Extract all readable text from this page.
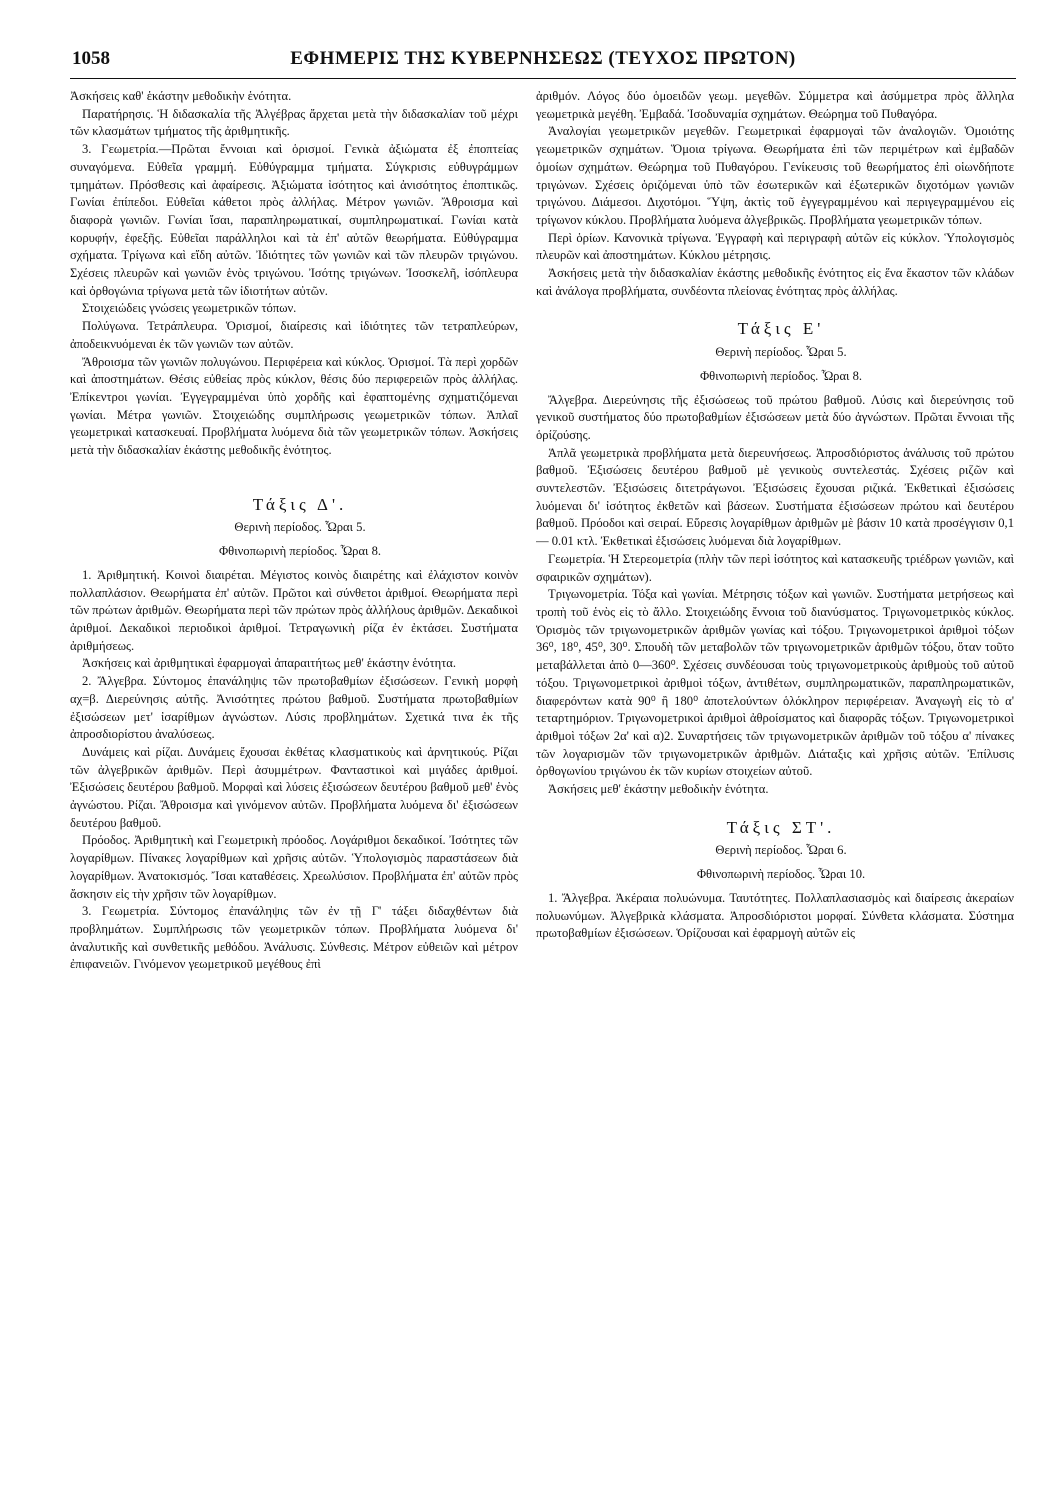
1058	ΕΦΗΜΕΡΙΣ ΤΗΣ ΚΥΒΕΡΝΗΣΕΩΣ (ΤΕΥΧΟΣ ΠΡΩΤΟΝ)

Ἀσκήσεις καθ' ἑκάστην μεθοδικὴν ἑνότητα.

Παρατήρησις. Ἡ διδασκαλία τῆς Ἀλγέβρας ἄρχεται μετὰ τὴν διδασκαλίαν τοῦ μέχρι τῶν κλασμάτων τμήματος τῆς ἀριθμητικῆς.

3. Γεωμετρία.—Πρῶται ἔννοιαι καὶ ὁρισμοί. Γενικὰ ἀξιώματα ἐξ ἐποπτείας συναγόμενα. Εὐθεῖα γραμμή. Εὐθύγραμμα τμήματα. Σύγκρισις εὐθυγράμμων τμημάτων. Πρόσθεσις καὶ ἀφαίρεσις. Ἀξιώματα ἰσότητος καὶ ἀνισότητος ἐποπτικῶς. Γωνίαι ἐπίπεδοι. Εὐθεῖαι κάθετοι πρὸς ἀλλήλας. Μέτρον γωνιῶν. Ἄθροισμα καὶ διαφορὰ γωνιῶν. Γωνίαι ἴσαι, παραπληρωματικαί, συμπληρωματικαί. Γωνίαι κατὰ κορυφήν, ἐφεξῆς. Εὐθεῖαι παράλληλοι καὶ τὰ ἐπ' αὐτῶν θεωρήματα. Εὐθύγραμμα σχήματα. Τρίγωνα καὶ εἴδη αὐτῶν. Ἰδιότητες τῶν γωνιῶν καὶ τῶν πλευρῶν τριγώνου. Σχέσεις πλευρῶν καὶ γωνιῶν ἑνὸς τριγώνου. Ἰσότης τριγώνων. Ἰσοσκελῆ, ἰσόπλευρα καὶ ὀρθογώνια τρίγωνα μετὰ τῶν ἰδιοτήτων αὐτῶν.

Στοιχειώδεις γνώσεις γεωμετρικῶν τόπων.

Πολύγωνα. Τετράπλευρα. Ὁρισμοί, διαίρεσις καὶ ἰδιότητες τῶν τετραπλεύρων, ἀποδεικνυόμεναι ἐκ τῶν γωνιῶν των αὐτῶν.

Ἄθροισμα τῶν γωνιῶν πολυγώνου. Περιφέρεια καὶ κύκλος. Ὁρισμοί. Τὰ περὶ χορδῶν καὶ ἀποστημάτων. Θέσις εὐθείας πρὸς κύκλον, θέσις δύο περιφερειῶν πρὸς ἀλλήλας. Ἐπίκεντροι γωνίαι. Ἐγγεγραμμέναι ὑπὸ χορδῆς καὶ ἐφαπτομένης σχηματιζόμεναι γωνίαι. Μέτρα γωνιῶν. Στοιχειώδης συμπλήρωσις γεωμετρικῶν τόπων. Ἁπλαῖ γεωμετρικαὶ κατασκευαί. Προβλήματα λυόμενα διὰ τῶν γεωμετρικῶν τόπων. Ἀσκήσεις μετὰ τὴν διδασκαλίαν ἑκάστης μεθοδικῆς ἑνότητος.

Τάξις Δ'.

Θερινὴ περίοδος. Ὧραι 5.

Φθινοπωρινὴ περίοδος. Ὧραι 8.

1. Ἀριθμητική. Κοινοὶ διαιρέται. Μέγιστος κοινὸς διαιρέτης καὶ ἐλάχιστον κοινὸν πολλαπλάσιον. Θεωρήματα ἐπ' αὐτῶν. Πρῶτοι καὶ σύνθετοι ἀριθμοί. Θεωρήματα περὶ τῶν πρώτων ἀριθμῶν. Θεωρήματα περὶ τῶν πρώτων πρὸς ἀλλήλους ἀριθμῶν. Δεκαδικοὶ ἀριθμοί. Δεκαδικοὶ περιοδικοὶ ἀριθμοί. Τετραγωνικὴ ρίζα ἐν ἐκτάσει. Συστήματα ἀριθμήσεως.

Ἀσκήσεις καὶ ἀριθμητικαὶ ἐφαρμογαὶ ἀπαραιτήτως μεθ' ἑκάστην ἑνότητα.

2. Ἄλγεβρα. Σύντομος ἐπανάληψις τῶν πρωτοβαθμίων ἐξισώσεων. Γενικὴ μορφὴ αχ=β. Διερεύνησις αὐτῆς. Ἀνισότητες πρώτου βαθμοῦ. Συστήματα πρωτοβαθμίων ἐξισώσεων μετ' ἰσαρίθμων ἀγνώστων. Λύσις προβλημάτων. Σχετικά τινα ἐκ τῆς ἀπροσδιορίστου ἀναλύσεως.

Δυνάμεις καὶ ρίζαι. Δυνάμεις ἔχουσαι ἐκθέτας κλασματικοὺς καὶ ἀρνητικούς. Ρίζαι τῶν ἀλγεβρικῶν ἀριθμῶν. Περὶ ἀσυμμέτρων. Φανταστικοὶ καὶ μιγάδες ἀριθμοί. Ἐξισώσεις δευτέρου βαθμοῦ. Μορφαὶ καὶ λύσεις ἐξισώσεων δευτέρου βαθμοῦ μεθ' ἑνὸς ἀγνώστου. Ρίζαι. Ἄθροισμα καὶ γινόμενον αὐτῶν. Προβλήματα λυόμενα δι' ἐξισώσεων δευτέρου βαθμοῦ.

Πρόοδος. Ἀριθμητικὴ καὶ Γεωμετρικὴ πρόοδος. Λογάριθμοι δεκαδικοί. Ἰσότητες τῶν λογαρίθμων. Πίνακες λογαρίθμων καὶ χρῆσις αὐτῶν. Ὑπολογισμὸς παραστάσεων διὰ λογαρίθμων. Ἀνατοκισμός. Ἴσαι καταθέσεις. Χρεωλύσιον. Προβλήματα ἐπ' αὐτῶν πρὸς ἄσκησιν εἰς τὴν χρῆσιν τῶν λογαρίθμων.

3. Γεωμετρία. Σύντομος ἐπανάληψις τῶν ἐν τῇ Γ' τάξει διδαχθέντων διὰ προβλημάτων. Συμπλήρωσις τῶν γεωμετρικῶν τόπων. Προβλήματα λυόμενα δι' ἀναλυτικῆς καὶ συνθετικῆς μεθόδου. Ἀνάλυσις. Σύνθεσις. Μέτρον εὐθειῶν καὶ μέτρον ἐπιφανειῶν. Γινόμενον γεωμετρικοῦ μεγέθους ἐπὶ

ἀριθμόν. Λόγος δύο ὁμοειδῶν γεωμ. μεγεθῶν. Σύμμετρα καὶ ἀσύμμετρα πρὸς ἄλληλα γεωμετρικὰ μεγέθη. Ἐμβαδά. Ἰσοδυναμία σχημάτων. Θεώρημα τοῦ Πυθαγόρα.

Ἀναλογίαι γεωμετρικῶν μεγεθῶν. Γεωμετρικαὶ ἐφαρμογαὶ τῶν ἀναλογιῶν. Ὁμοιότης γεωμετρικῶν σχημάτων. Ὅμοια τρίγωνα. Θεωρήματα ἐπὶ τῶν περιμέτρων καὶ ἐμβαδῶν ὁμοίων σχημάτων. Θεώρημα τοῦ Πυθαγόρου. Γενίκευσις τοῦ θεωρήματος ἐπὶ οἱωνδήποτε τριγώνων. Σχέσεις ὁριζόμεναι ὑπὸ τῶν ἐσωτερικῶν καὶ ἐξωτερικῶν διχοτόμων γωνιῶν τριγώνου. Διάμεσοι. Διχοτόμοι. Ὕψη, ἀκτὶς τοῦ ἐγγεγραμμένου καὶ περιγεγραμμένου εἰς τρίγωνον κύκλου. Προβλήματα λυόμενα ἀλγεβρικῶς. Προβλήματα γεωμετρικῶν τόπων.

Περὶ ὁρίων. Κανονικὰ τρίγωνα. Ἐγγραφὴ καὶ περιγραφὴ αὐτῶν εἰς κύκλον. Ὑπολογισμὸς πλευρῶν καὶ ἀποστημάτων. Κύκλου μέτρησις.

Ἀσκήσεις μετὰ τὴν διδασκαλίαν ἑκάστης μεθοδικῆς ἑνότητος εἰς ἕνα ἕκαστον τῶν κλάδων καὶ ἀνάλογα προβλήματα, συνδέοντα πλείονας ἑνότητας πρὸς ἀλλήλας.

Τάξις Ε'

Θερινὴ περίοδος. Ὧραι 5.

Φθινοπωρινὴ περίοδος. Ὧραι 8.

Ἄλγεβρα. Διερεύνησις τῆς ἐξισώσεως τοῦ πρώτου βαθμοῦ. Λύσις καὶ διερεύνησις τοῦ γενικοῦ συστήματος δύο πρωτοβαθμίων ἐξισώσεων μετὰ δύο ἀγνώστων. Πρῶται ἔννοιαι τῆς ὁρίζούσης.

Ἁπλᾶ γεωμετρικὰ προβλήματα μετὰ διερευνήσεως. Ἀπροσδιόριστος ἀνάλυσις τοῦ πρώτου βαθμοῦ. Ἐξισώσεις δευτέρου βαθμοῦ μὲ γενικοὺς συντελεστάς. Σχέσεις ριζῶν καὶ συντελεστῶν. Ἐξισώσεις διτετράγωνοι. Ἐξισώσεις ἔχουσαι ριζικά. Ἐκθετικαὶ ἐξισώσεις λυόμεναι δι' ἰσότητος ἐκθετῶν καὶ βάσεων. Συστήματα ἐξισώσεων πρώτου καὶ δευτέρου βαθμοῦ. Πρόοδοι καὶ σειραί. Εὕρεσις λογαρίθμων ἀριθμῶν μὲ βάσιν 10 κατὰ προσέγγισιν 0,1— 0.01 κτλ. Ἐκθετικαὶ ἐξισώσεις λυόμεναι διὰ λογαρίθμων.

Γεωμετρία. Ἡ Στερεομετρία (πλὴν τῶν περὶ ἰσότητος καὶ κατασκευῆς τριέδρων γωνιῶν, καὶ σφαιρικῶν σχημάτων).

Τριγωνομετρία. Τόξα καὶ γωνίαι. Μέτρησις τόξων καὶ γωνιῶν. Συστήματα μετρήσεως καὶ τροπὴ τοῦ ἑνὸς εἰς τὸ ἄλλο. Στοιχειώδης ἔννοια τοῦ διανύσματος. Τριγωνομετρικὸς κύκλος. Ὁρισμὸς τῶν τριγωνομετρικῶν ἀριθμῶν γωνίας καὶ τόξου. Τριγωνομετρικοὶ ἀριθμοὶ τόξων 36⁰, 18⁰, 45⁰, 30⁰. Σπουδὴ τῶν μεταβολῶν τῶν τριγωνομετρικῶν ἀριθμῶν τόξου, ὅταν τοῦτο μεταβάλλεται ἀπὸ 0—360⁰. Σχέσεις συνδέουσαι τοὺς τριγωνομετρικοὺς ἀριθμοὺς τοῦ αὐτοῦ τόξου. Τριγωνομετρικοὶ ἀριθμοὶ τόξων, ἀντιθέτων, συμπληρωματικῶν, παραπληρωματικῶν, διαφερόντων κατὰ 90⁰ ἢ 180⁰ ἀποτελούντων ὁλόκληρον περιφέρειαν. Ἀναγωγὴ εἰς τὸ α' τεταρτημόριον. Τριγωνομετρικοὶ ἀριθμοὶ ἀθροίσματος καὶ διαφορᾶς τόξων. Τριγωνομετρικοὶ ἀριθμοὶ τόξων 2α' καὶ α)2. Συναρτήσεις τῶν τριγωνομετρικῶν ἀριθμῶν τοῦ τόξου α' πίνακες τῶν λογαρισμῶν τῶν τριγωνομετρικῶν ἀριθμῶν. Διάταξις καὶ χρῆσις αὐτῶν. Ἐπίλυσις ὀρθογωνίου τριγώνου ἐκ τῶν κυρίων στοιχείων αὐτοῦ.

Ἀσκήσεις μεθ' ἑκάστην μεθοδικὴν ἑνότητα.

Τάξις ΣΤ'.

Θερινὴ περίοδος. Ὧραι 6.

Φθινοπωρινὴ περίοδος. Ὧραι 10.

1. Ἄλγεβρα. Ἀκέραια πολυώνυμα. Ταυτότητες. Πολλαπλασιασμὸς καὶ διαίρεσις ἀκεραίων πολυωνύμων. Ἀλγεβρικὰ κλάσματα. Ἀπροσδιόριστοι μορφαί. Σύνθετα κλάσματα. Σύστημα πρωτοβαθμίων ἐξισώσεων. Ὁρίζουσαι καὶ ἐφαρμογὴ αὐτῶν εἰς
